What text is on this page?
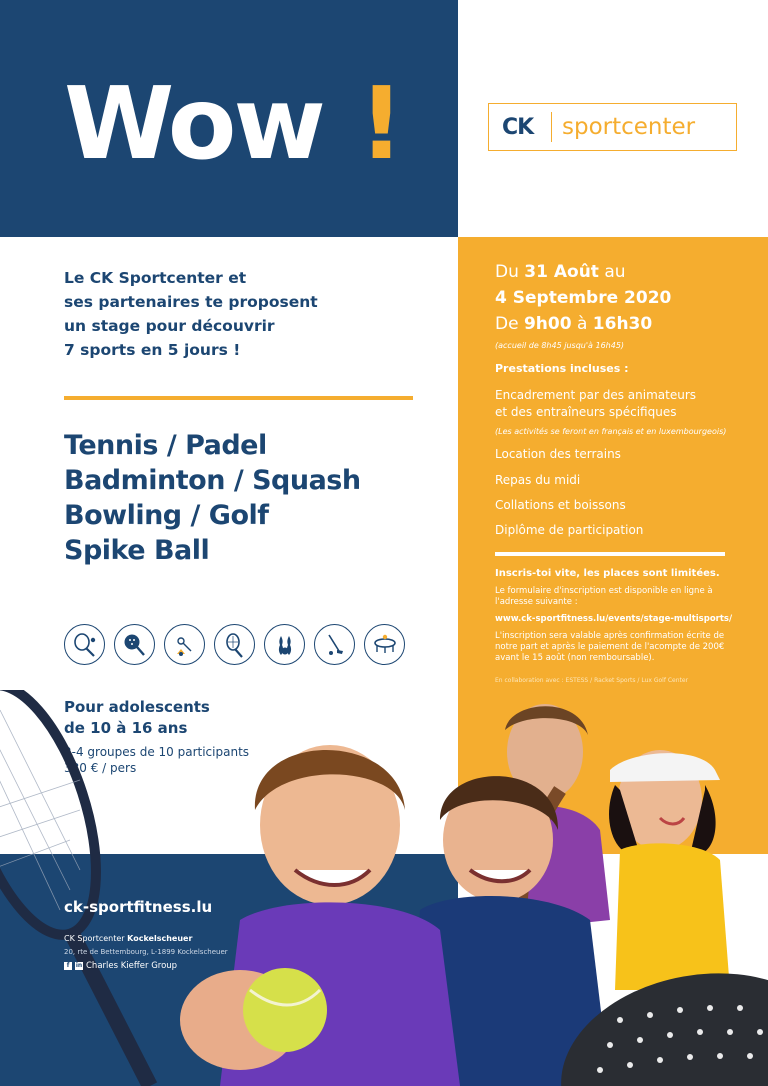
Wow !	CK	sportcenter
Du 31 Août au
4 Septembre 2020
De 9h00 à 16h30
(accueil de 8h45 jusqu'à 16h45)
Prestations incluses :
Encadrement par des animateurs
et des entraîneurs spécifiques
(Les activités se feront en français et en luxembourgeois)
Location des terrains
Repas du midi
Collations et boissons
Diplôme de participation
Inscris-toi vite, les places sont limitées.
Le formulaire d'inscription est disponible en ligne à l'adresse suivante :
www.ck-sportfitness.lu/events/stage-multisports/
L'inscription sera valable après confirmation écrite de notre part et après le paiement de l'acompte de 200€ avant le 15 août (non remboursable).
En collaboration avec : ESTESS / Racket Sports / Lux Golf Center
Le CK Sportcenter et
ses partenaires te proposent
un stage pour découvrir
7 sports en 5 jours !
Tennis / Padel
Badminton / Squash
Bowling / Golf
Spike Ball
Pour adolescents
de 10 à 16 ans
2-4 groupes de 10 participants
380 € / pers
ck-sportfitness.lu
CK Sportcenter Kockelscheuer
20, rte de Bettembourg, L-1899 Kockelscheuer
f	in Charles Kieffer Group
